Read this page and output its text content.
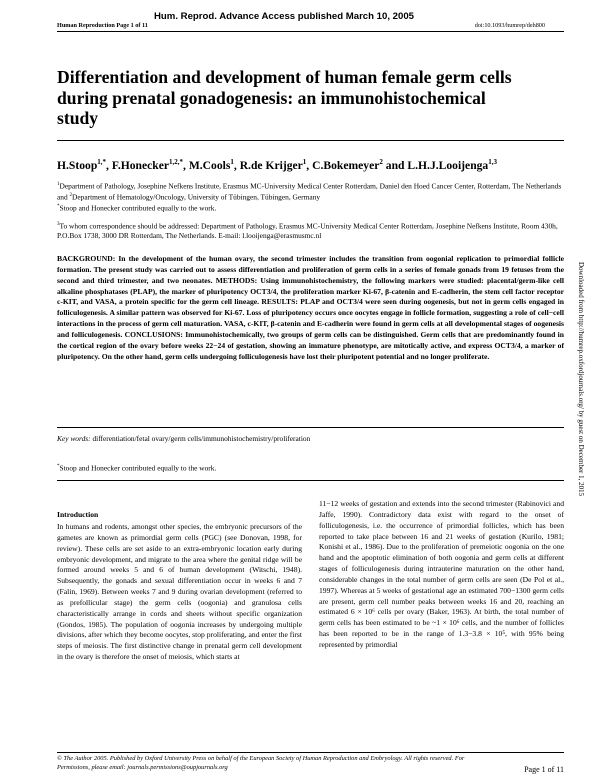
Hum. Reprod. Advance Access published March 10, 2005
Human Reproduction Page 1 of 11	doi:10.1093/humrep/deh800
Differentiation and development of human female germ cells during prenatal gonadogenesis: an immunohistochemical study
H.Stoop$^{1,*}$, F.Honecker$^{1,2,*}$, M.Cools$^1$, R.de Krijger$^1$, C.Bokemeyer$^2$ and L.H.J.Looijenga$^{1,3}$
$^1$Department of Pathology, Josephine Nefkens Institute, Erasmus MC-University Medical Center Rotterdam, Daniel den Hoed Cancer Center, Rotterdam, The Netherlands and $^2$Department of Hematology/Oncology, University of Tübingen, Tübingen, Germany
*Stoop and Honecker contributed equally to the work.
$^3$To whom correspondence should be addressed: Department of Pathology, Erasmus MC-University Medical Center Rotterdam, Josephine Nefkens Institute, Room 430h, P.O.Box 1738, 3000 DR Rotterdam, The Netherlands. E-mail: l.looijenga@erasmusmc.nl
BACKGROUND: In the development of the human ovary, the second trimester includes the transition from oogonial replication to primordial follicle formation. The present study was carried out to assess differentiation and proliferation of germ cells in a series of female gonads from 19 fetuses from the second and third trimester, and two neonates. METHODS: Using immunohistochemistry, the following markers were studied: placental/germ-like cell alkaline phosphatases (PLAP), the marker of pluripotency OCT3/4, the proliferation marker Ki-67, β-catenin and E-cadherin, the stem cell factor receptor c-KIT, and VASA, a protein specific for the germ cell lineage. RESULTS: PLAP and OCT3/4 were seen during oogenesis, but not in germ cells engaged in folliculogenesis. A similar pattern was observed for Ki-67. Loss of pluripotency occurs once oocytes engage in follicle formation, suggesting a role of cell−cell interactions in the process of germ cell maturation. VASA, c-KIT, β-catenin and E-cadherin were found in germ cells at all developmental stages of oogenesis and folliculogenesis. CONCLUSIONS: Immunohistochemically, two groups of germ cells can be distinguished. Germ cells that are predominantly found in the cortical region of the ovary before weeks 22−24 of gestation, showing an immature phenotype, are mitotically active, and express OCT3/4, a marker of pluripotency. On the other hand, germ cells undergoing folliculogenesis have lost their pluripotent potential and no longer proliferate.
Key words: differentiation/fetal ovary/germ cells/immunohistochemistry/proliferation
*Stoop and Honecker contributed equally to the work.
Introduction
In humans and rodents, amongst other species, the embryonic precursors of the gametes are known as primordial germ cells (PGC) (see Donovan, 1998, for review). These cells are set aside to an extra-embryonic location early during embryonic development, and migrate to the area where the genital ridge will be formed around weeks 5 and 6 of human development (Witschi, 1948). Subsequently, the gonads and sexual differentiation occur in weeks 6 and 7 (Falin, 1969). Between weeks 7 and 9 during ovarian development (referred to as prefollicular stage) the germ cells (oogonia) and granulosa cells characteristically arrange in cords and sheets without specific organization (Gondos, 1985). The population of oogonia increases by undergoing multiple divisions, after which they become oocytes, stop proliferating, and enter the first steps of meiosis. The first distinctive change in prenatal germ cell development in the ovary is therefore the onset of meiosis, which starts at
11−12 weeks of gestation and extends into the second trimester (Rabinovici and Jaffe, 1990). Contradictory data exist with regard to the onset of folliculogenesis, i.e. the occurrence of primordial follicles, which has been reported to take place between 16 and 21 weeks of gestation (Kurilo, 1981; Konishi et al., 1986). Due to the proliferation of premeiotic oogonia on the one hand and the apoptotic elimination of both oogonia and germ cells at different stages of folliculogenesis during intrauterine maturation on the other hand, considerable changes in the total number of germ cells are seen (De Pol et al., 1997). Whereas at 5 weeks of gestational age an estimated 700−1300 germ cells are present, germ cell number peaks between weeks 16 and 20, reaching an estimated 6 × 10⁶ cells per ovary (Baker, 1963). At birth, the total number of germ cells has been estimated to be ~1 × 10⁶ cells, and the number of follicles has been reported to be in the range of 1.3−3.8 × 10⁵, with 95% being represented by primordial
© The Author 2005. Published by Oxford University Press on behalf of the European Society of Human Reproduction and Embryology. All rights reserved. For Permissions, please email: journals.permissions@oupjournals.org	Page 1 of 11
Downloaded from http://humrep.oxfordjournals.org/ by guest on December 1, 2015
